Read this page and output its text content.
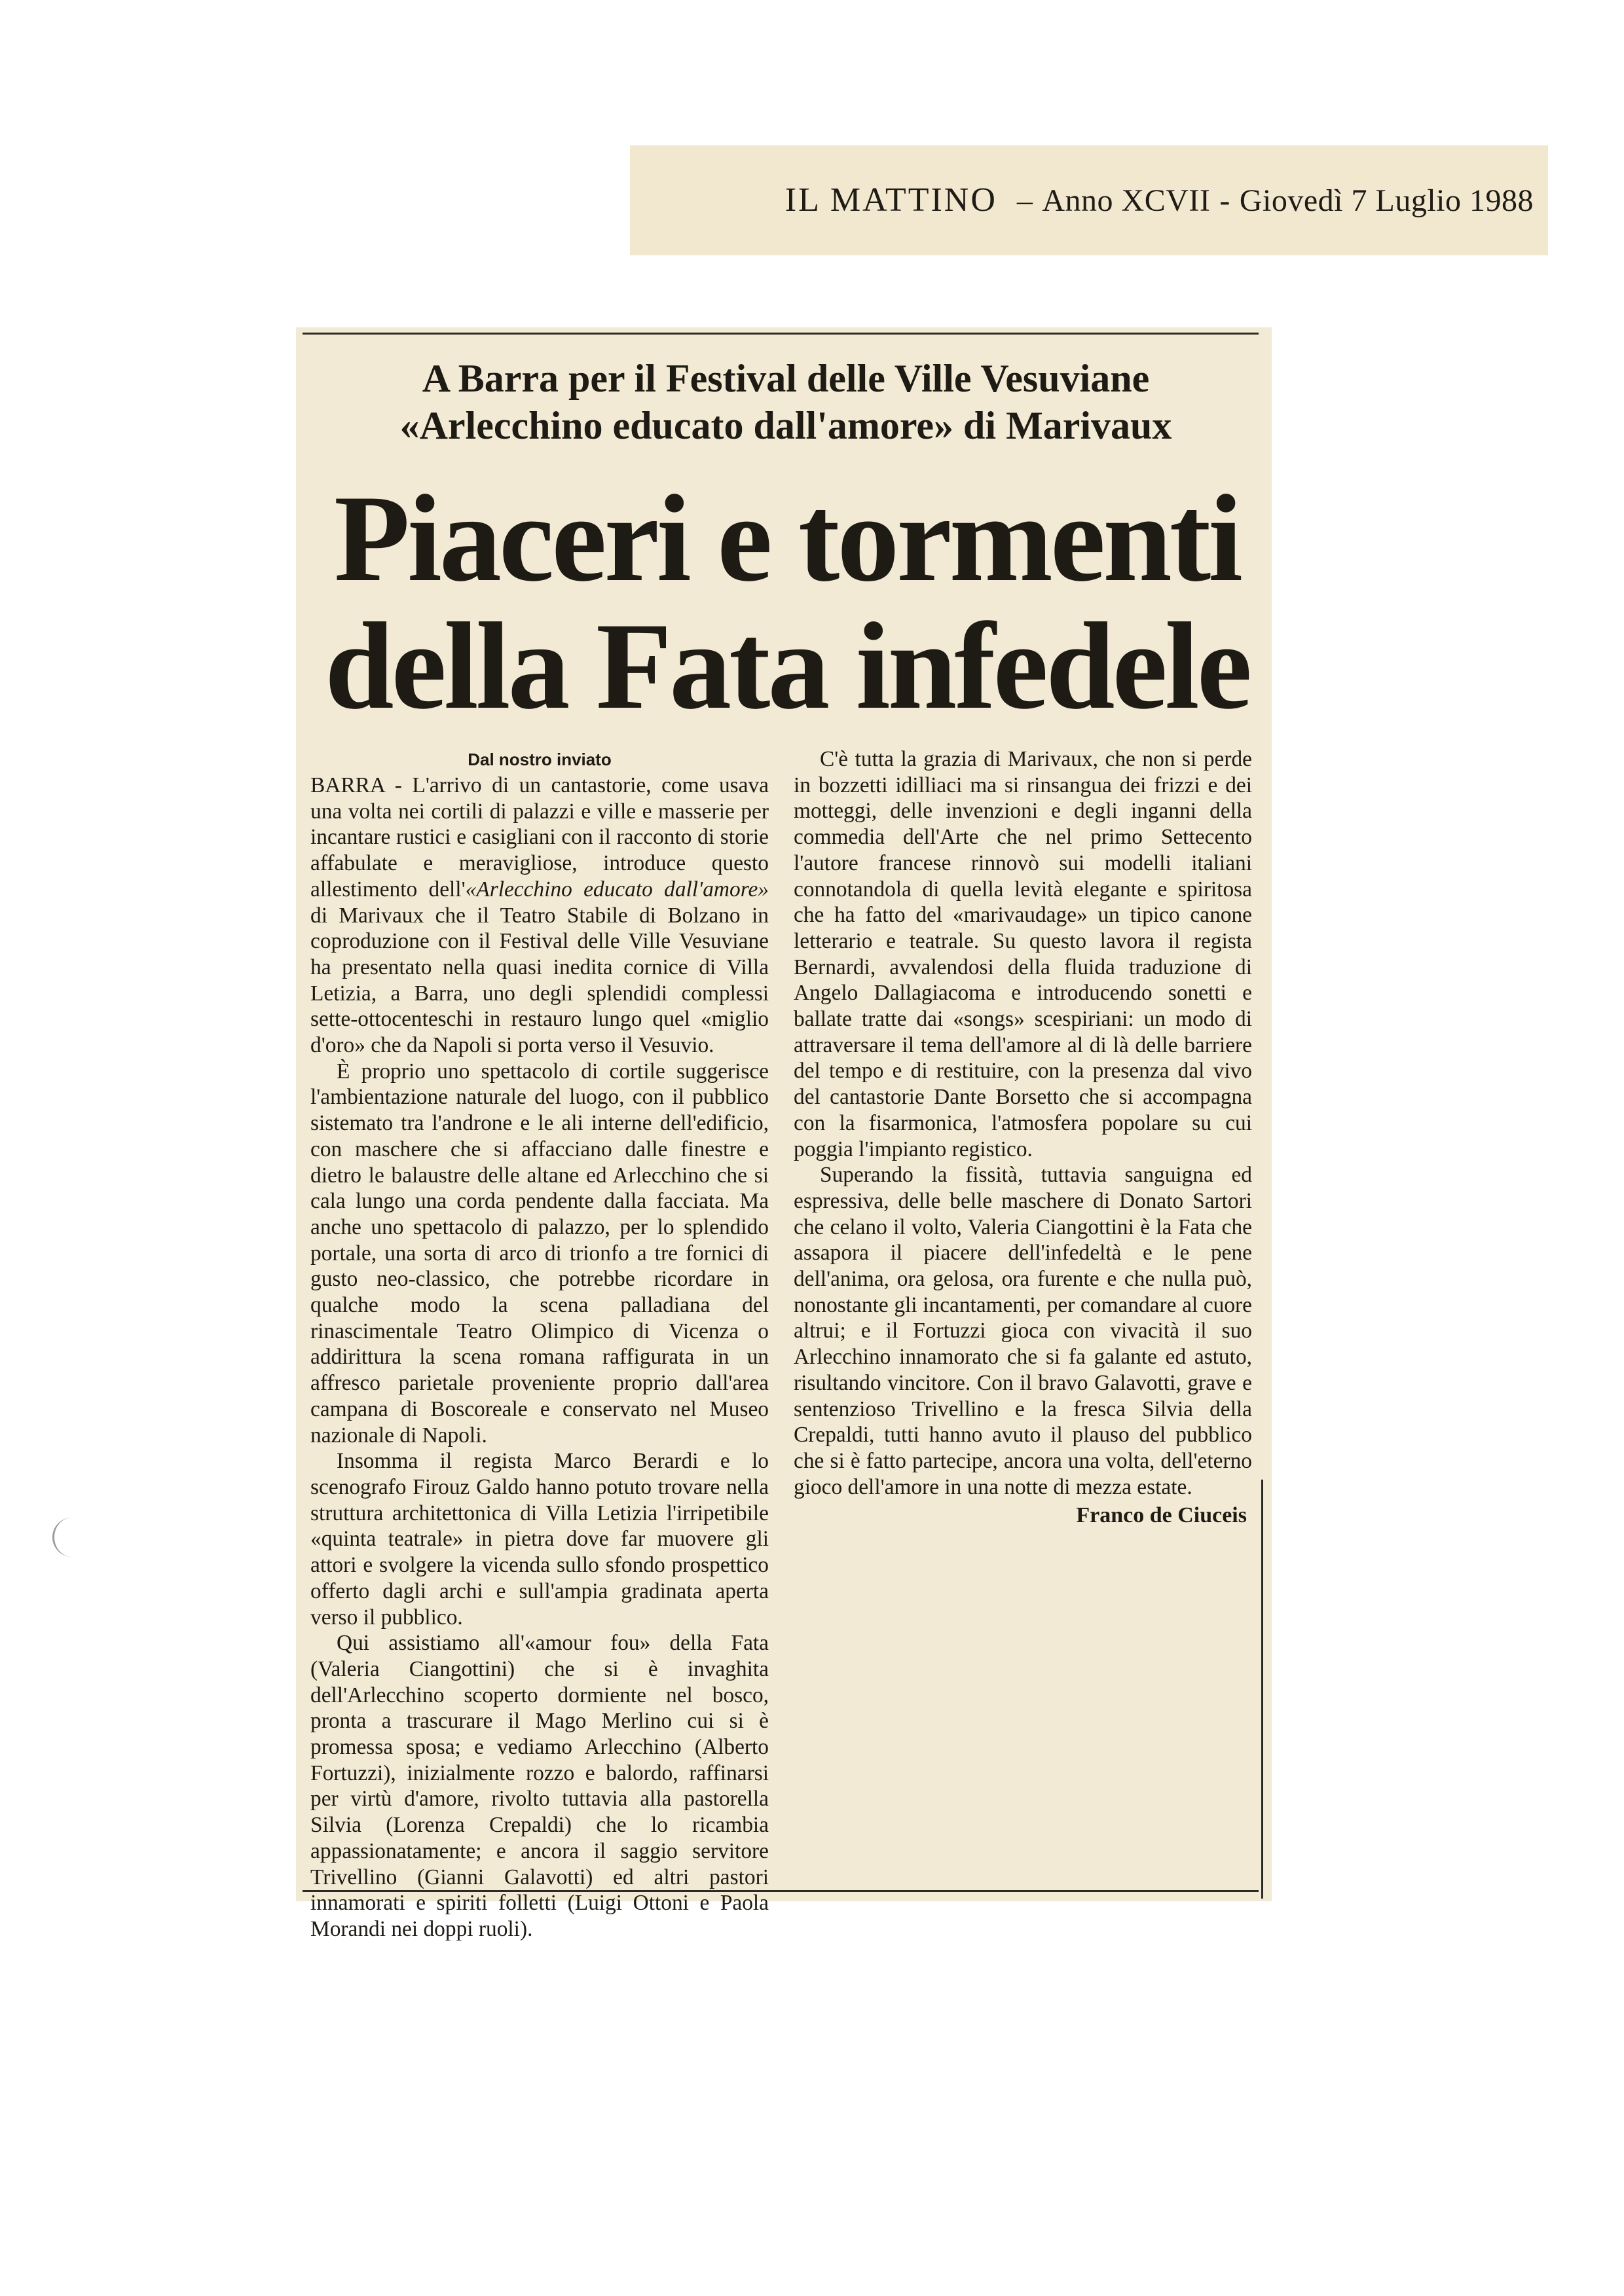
IL MATTINO – Anno XCVII - Giovedì 7 Luglio 1988
A Barra per il Festival delle Ville Vesuviane
«Arlecchino educato dall'amore» di Marivaux
Piaceri e tormenti
della Fata infedele
Dal nostro inviato

BARRA - L'arrivo di un cantastorie, come usava una volta nei cortili di palazzi e ville e masserie per incantare rustici e casigliani con il racconto di storie affabulate e meravigliose, introduce questo allestimento dell'«Arlecchino educato dall'amore» di Marivaux che il Teatro Stabile di Bolzano in coproduzione con il Festival delle Ville Vesuviane ha presentato nella quasi inedita cornice di Villa Letizia, a Barra, uno degli splendidi complessi sette-ottocenteschi in restauro lungo quel «miglio d'oro» che da Napoli si porta verso il Vesuvio.

È proprio uno spettacolo di cortile suggerisce l'ambientazione naturale del luogo, con il pubblico sistemato tra l'androne e le ali interne dell'edificio, con maschere che si affacciano dalle finestre e dietro le balaustre delle altane ed Arlecchino che si cala lungo una corda pendente dalla facciata. Ma anche uno spettacolo di palazzo, per lo splendido portale, una sorta di arco di trionfo a tre fornici di gusto neo-classico, che potrebbe ricordare in qualche modo la scena palladiana del rinascimentale Teatro Olimpico di Vicenza o addirittura la scena romana raffigurata in un affresco parietale proveniente proprio dall'area campana di Boscoreale e conservato nel Museo nazionale di Napoli.

Insomma il regista Marco Berardi e lo scenografo Firouz Galdo hanno potuto trovare nella struttura architettonica di Villa Letizia l'irripetibile «quinta teatrale» in pietra dove far muovere gli attori e svolgere la vicenda sullo sfondo prospettico offerto dagli archi e sull'ampia gradinata aperta verso il pubblico.

Qui assistiamo all'«amour fou» della Fata (Valeria Ciangottini) che si è invaghita dell'Arlecchino scoperto dormiente nel bosco, pronta a trascurare il Mago Merlino cui si è promessa sposa; e vediamo Arlecchino (Alberto Fortuzzi), inizialmente rozzo e balordo, raffinarsi per virtù d'amore, rivolto tuttavia alla pastorella Silvia (Lorenza Crepaldi) che lo ricambia appassionatamente; e ancora il saggio servitore Trivellino (Gianni Galavotti) ed altri pastori innamorati e spiriti folletti (Luigi Ottoni e Paola Morandi nei doppi ruoli).

C'è tutta la grazia di Marivaux, che non si perde in bozzetti idilliaci ma si rinsangua dei frizzi e dei motteggi, delle invenzioni e degli inganni della commedia dell'Arte che nel primo Settecento l'autore francese rinnovò sui modelli italiani connotandola di quella levità elegante e spiritosa che ha fatto del «marivaudage» un tipico canone letterario e teatrale. Su questo lavora il regista Bernardi, avvalendosi della fluida traduzione di Angelo Dallagiacoma e introducendo sonetti e ballate tratte dai «songs» scespiriani: un modo di attraversare il tema dell'amore al di là delle barriere del tempo e di restituire, con la presenza dal vivo del cantastorie Dante Borsetto che si accompagna con la fisarmonica, l'atmosfera popolare su cui poggia l'impianto registico.

Superando la fissità, tuttavia sanguigna ed espressiva, delle belle maschere di Donato Sartori che celano il volto, Valeria Ciangottini è la Fata che assapora il piacere dell'infedeltà e le pene dell'anima, ora gelosa, ora furente e che nulla può, nonostante gli incantamenti, per comandare al cuore altrui; e il Fortuzzi gioca con vivacità il suo Arlecchino innamorato che si fa galante ed astuto, risultando vincitore. Con il bravo Galavotti, grave e sentenzioso Trivellino e la fresca Silvia della Crepaldi, tutti hanno avuto il plauso del pubblico che si è fatto partecipe, ancora una volta, dell'eterno gioco dell'amore in una notte di mezza estate.

Franco de Ciuceis
